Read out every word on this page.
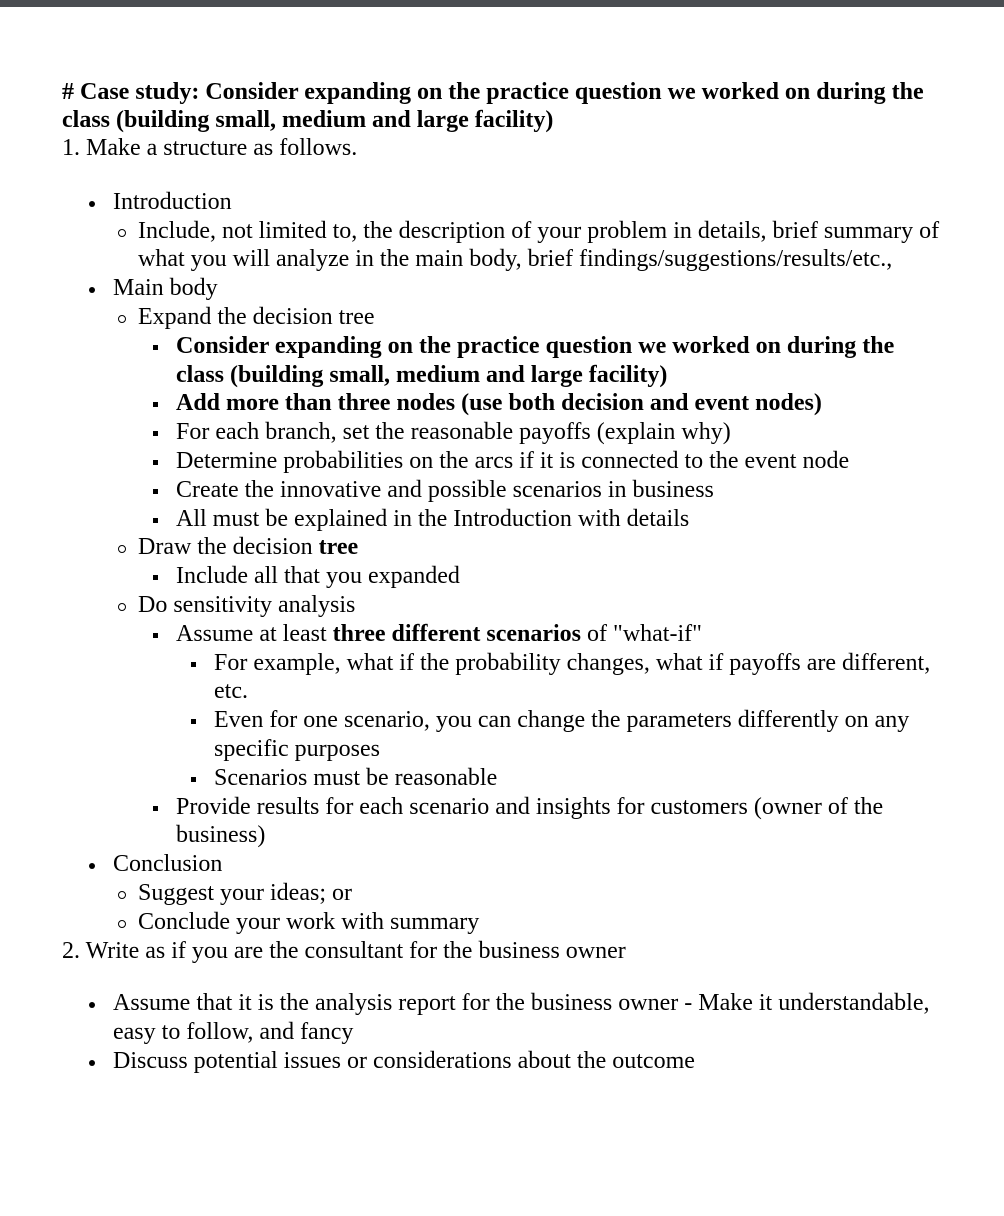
# Case study: Consider expanding on the practice question we worked on during the class (building small, medium and large facility)

1. Make a structure as follows.

Introduction
Include, not limited to, the description of your problem in details, brief summary of what you will analyze in the main body, brief findings/suggestions/results/etc.,
Main body
Expand the decision tree
Consider expanding on the practice question we worked on during the class (building small, medium and large facility)
Add more than three nodes (use both decision and event nodes)
For each branch, set the reasonable payoffs (explain why)
Determine probabilities on the arcs if it is connected to the event node
Create the innovative and possible scenarios in business
All must be explained in the Introduction with details
Draw the decision tree
Include all that you expanded
Do sensitivity analysis
Assume at least three different scenarios of "what-if"
For example, what if the probability changes, what if payoffs are different, etc.
Even for one scenario, you can change the parameters differently on any specific purposes
Scenarios must be reasonable
Provide results for each scenario and insights for customers (owner of the business)
Conclusion
Suggest your ideas; or
Conclude your work with summary

2. Write as if you are the consultant for the business owner

Assume that it is the analysis report for the business owner - Make it understandable, easy to follow, and fancy
Discuss potential issues or considerations about the outcome
